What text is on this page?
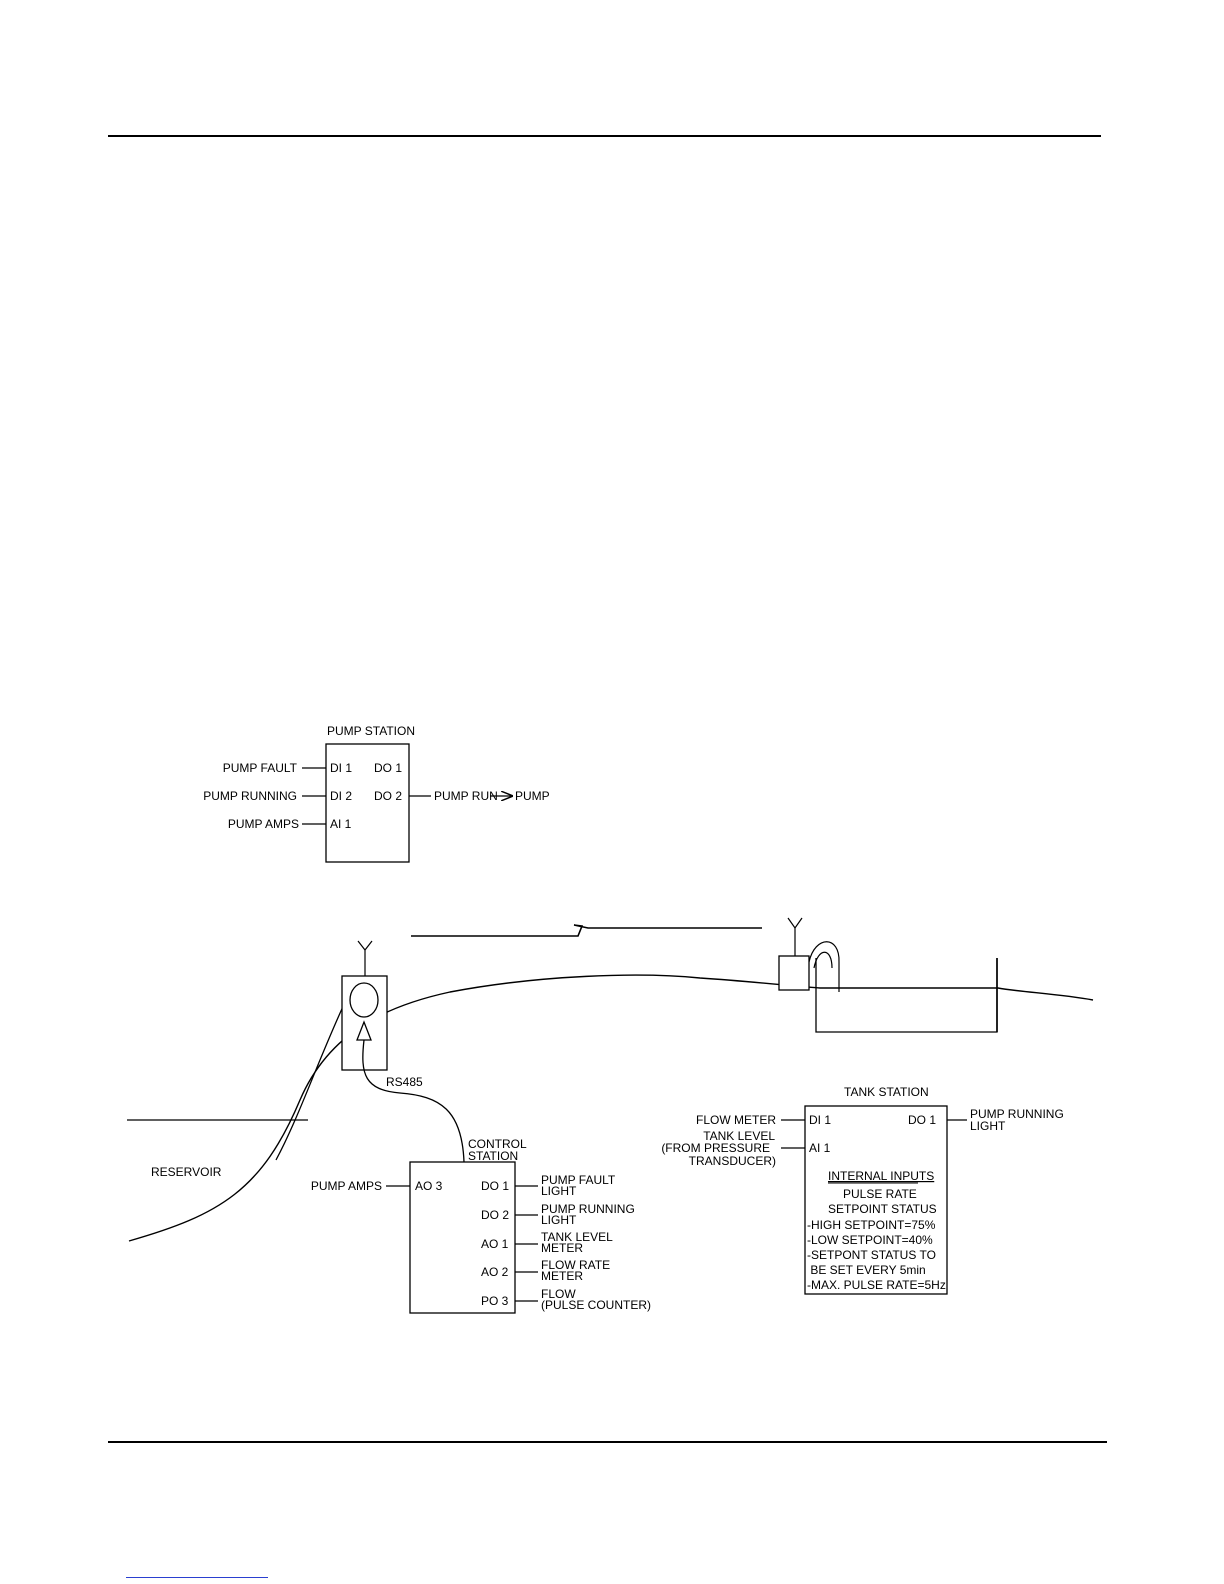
PUMP STATION
PUMP FAULT	DI 1
PUMP RUNNING	DI 2
PUMP AMPS	AI 1
DO 1
DO 2	PUMP RUN PUMP
RESERVOIR
RS485
CONTROL
STATION
PUMP AMPS	AO 3	DO 1	PUMP FAULT
LIGHT
DO 2	PUMP RUNNING
LIGHT
AO 1	TANK LEVEL
METER
AO 2	FLOW RATE
METER
PO 3	FLOW
(PULSE COUNTER)
TANK STATION
FLOW METER	DI 1
TANK LEVEL
(FROM PRESSURE
TRANSDUCER)
AI 1
DO 1	PUMP RUNNING
LIGHT
INTERNAL INPUTS
PULSE RATE
SETPOINT STATUS
-HIGH SETPOINT=75%
-LOW SETPOINT=40%
-SETPONT STATUS TO
BE SET EVERY 5min
-MAX. PULSE RATE=5Hz
